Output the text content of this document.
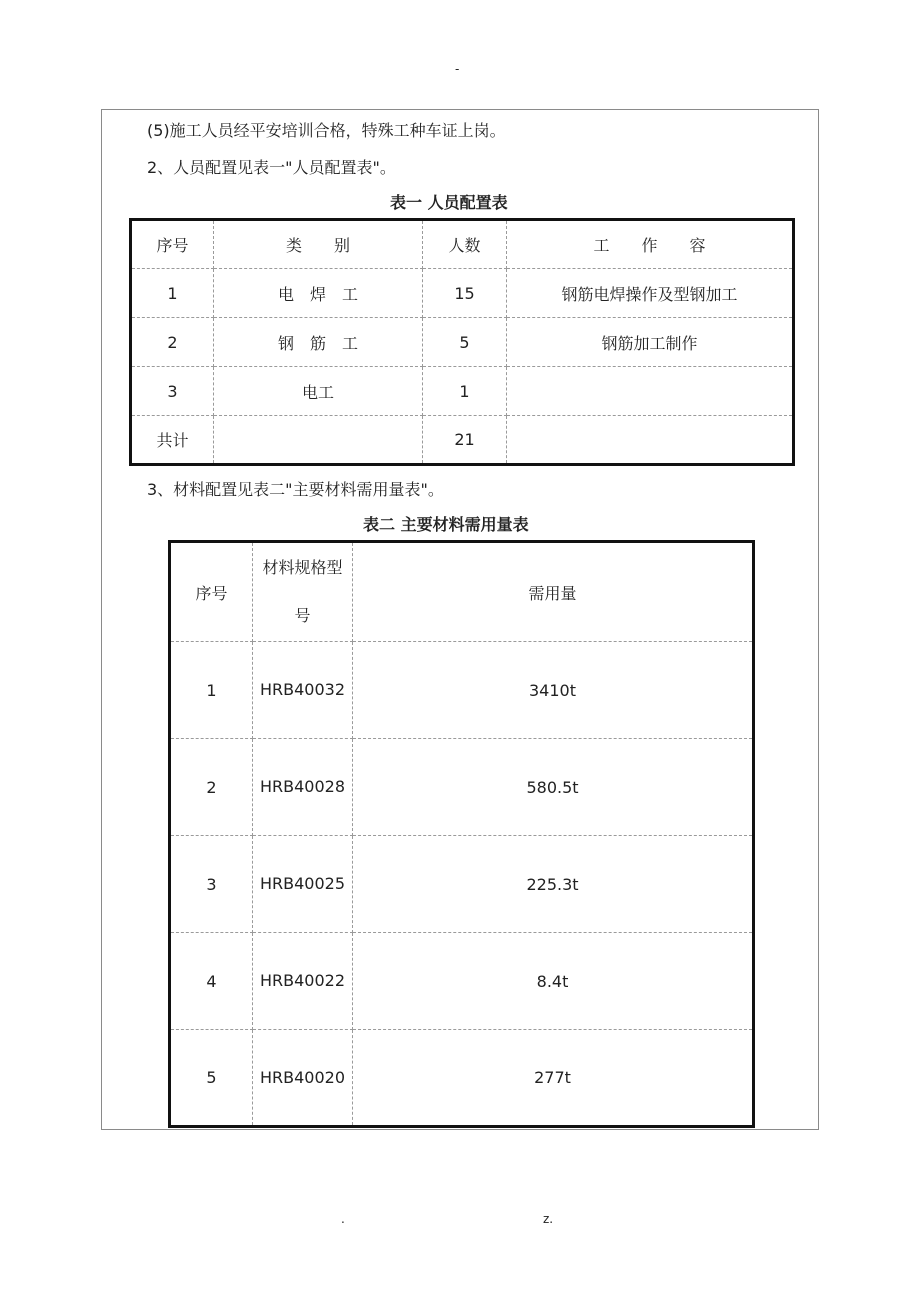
-
(5)施工人员经平安培训合格，特殊工种车证上岗。
2、人员配置见表一"人员配置表"。
表一 人员配置表
序号	类　　别	人数	工　　作　　容
1	电　焊　工	15	钢筋电焊操作及型钢加工
2	钢　筋　工	5	钢筋加工制作
3	电工	1	
共计		21	
3、材料配置见表二"主要材料需用量表"。
表二 主要材料需用量表
序号	材料规格型号	需用量
1	HRB40032	3410t
2	HRB40028	580.5t
3	HRB40025	225.3t
4	HRB40022	8.4t
5	HRB40020	277t
.	z.
